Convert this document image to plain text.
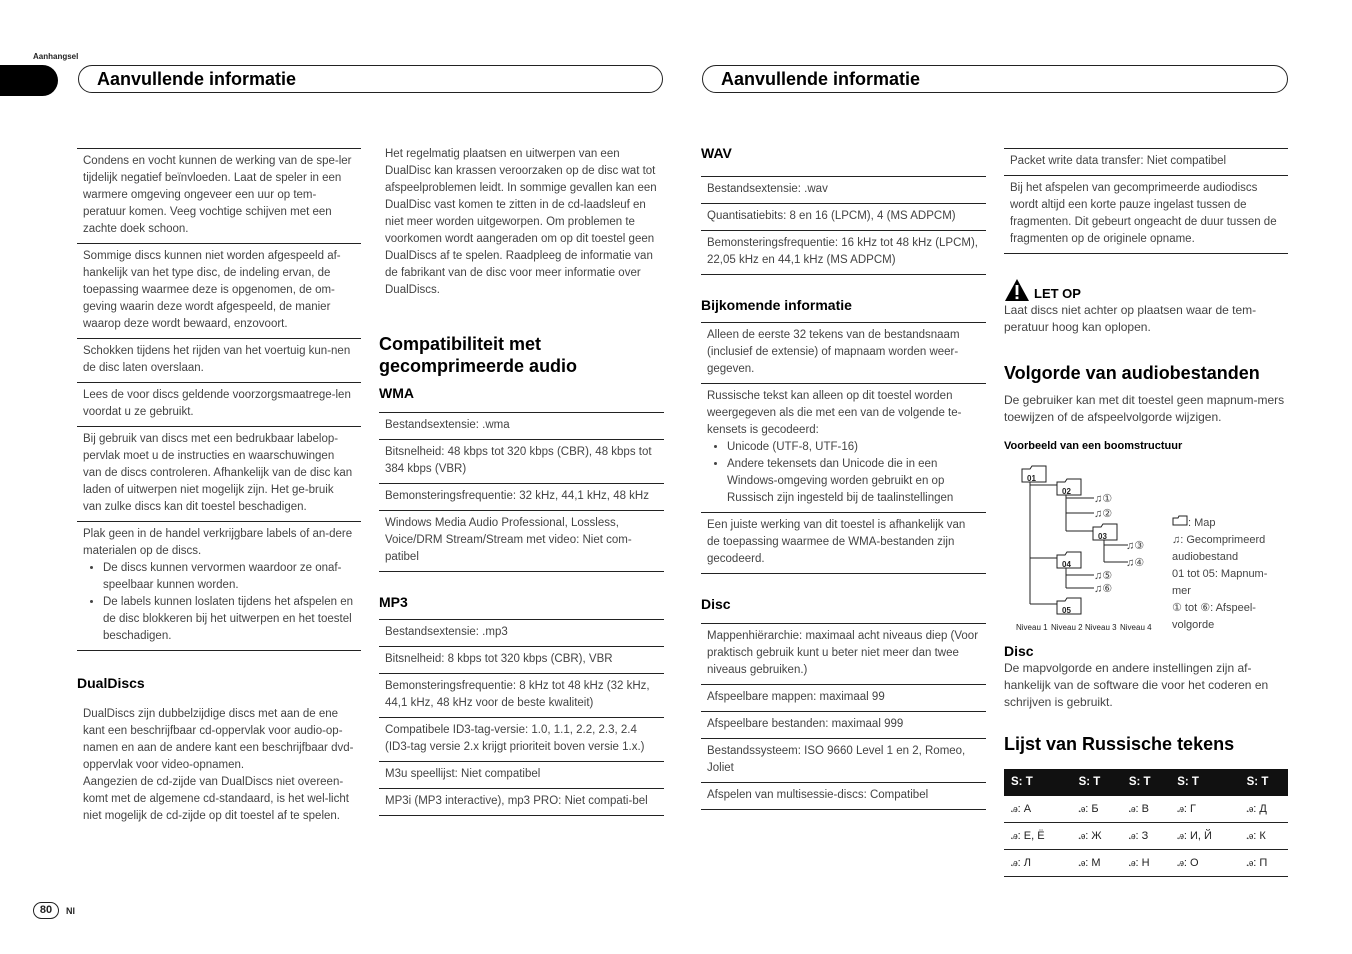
Aanhangsel
Aanvullende informatie	Aanvullende informatie
Condens en vocht kunnen de werking van de spe-ler tijdelijk negatief beïnvloeden. Laat de speler in een warmere omgeving ongeveer een uur op tem-peratuur komen. Veeg vochtige schijven met een zachte doek schoon.
Sommige discs kunnen niet worden afgespeeld af-hankelijk van het type disc, de indeling ervan, de toepassing waarmee deze is opgenomen, de om-geving waarin deze wordt afgespeeld, de manier waarop deze wordt bewaard, enzovoort.
Schokken tijdens het rijden van het voertuig kun-nen de disc laten overslaan.
Lees de voor discs geldende voorzorgsmaatrege-len voordat u ze gebruikt.
Bij gebruik van discs met een bedrukbaar labelop-pervlak moet u de instructies en waarschuwingen van de discs controleren. Afhankelijk van de disc kan laden of uitwerpen niet mogelijk zijn. Het ge-bruik van zulke discs kan dit toestel beschadigen.
Plak geen in de handel verkrijgbare labels of an-dere materialen op de discs.
• De discs kunnen vervormen waardoor ze onaf-speelbaar kunnen worden.
• De labels kunnen loslaten tijdens het afspelen en de disc blokkeren bij het uitwerpen en het toestel beschadigen.
DualDiscs
DualDiscs zijn dubbelzijdige discs met aan de ene kant een beschrijfbaar cd-oppervlak voor audio-op-namen en aan de andere kant een beschrijfbaar dvd-oppervlak voor video-opnamen.
Aangezien de cd-zijde van DualDiscs niet overeen-komt met de algemene cd-standaard, is het wel-licht niet mogelijk de cd-zijde op dit toestel af te spelen.
Het regelmatig plaatsen en uitwerpen van een DualDisc kan krassen veroorzaken op de disc wat tot afspeelproblemen leidt. In sommige gevallen kan een DualDisc vast komen te zitten in de cd-laadsleuf en niet meer worden uitgeworpen. Om problemen te voorkomen wordt aangeraden om op dit toestel geen DualDiscs af te spelen. Raadpleeg de informatie van de fabrikant van de disc voor meer informatie over DualDiscs.
Compatibiliteit met gecomprimeerde audio
WMA
Bestandsextensie: .wma
Bitsnelheid: 48 kbps tot 320 kbps (CBR), 48 kbps tot 384 kbps (VBR)
Bemonsteringsfrequentie: 32 kHz, 44,1 kHz, 48 kHz
Windows Media Audio Professional, Lossless, Voice/DRM Stream/Stream met video: Niet com-patibel
MP3
Bestandsextensie: .mp3
Bitsnelheid: 8 kbps tot 320 kbps (CBR), VBR
Bemonsteringsfrequentie: 8 kHz tot 48 kHz (32 kHz, 44,1 kHz, 48 kHz voor de beste kwaliteit)
Compatibele ID3-tag-versie: 1.0, 1.1, 2.2, 2.3, 2.4 (ID3-tag versie 2.x krijgt prioriteit boven versie 1.x.)
M3u speellijst: Niet compatibel
MP3i (MP3 interactive), mp3 PRO: Niet compati-bel
WAV
Bestandsextensie: .wav
Quantisatiebits: 8 en 16 (LPCM), 4 (MS ADPCM)
Bemonsteringsfrequentie: 16 kHz tot 48 kHz (LPCM), 22,05 kHz en 44,1 kHz (MS ADPCM)
Bijkomende informatie
Alleen de eerste 32 tekens van de bestandsnaam (inclusief de extensie) of mapnaam worden weer-gegeven.
Russische tekst kan alleen op dit toestel worden weergegeven als die met een van de volgende te-kensets is gecodeerd:
• Unicode (UTF-8, UTF-16)
• Andere tekensets dan Unicode die in een Windows-omgeving worden gebruikt en op Russisch zijn ingesteld bij de taalinstellingen
Een juiste werking van dit toestel is afhankelijk van de toepassing waarmee de WMA-bestanden zijn gecodeerd.
Disc
Mappenhiërarchie: maximaal acht niveaus diep (Voor praktisch gebruik kunt u beter niet meer dan twee niveaus gebruiken.)
Afspeelbare mappen: maximaal 99
Afspeelbare bestanden: maximaal 999
Bestandssysteem: ISO 9660 Level 1 en 2, Romeo, Joliet
Afspelen van multisessie-discs: Compatibel
Packet write data transfer: Niet compatibel
Bij het afspelen van gecomprimeerde audiodiscs wordt altijd een korte pauze ingelast tussen de fragmenten. Dit gebeurt ongeacht de duur tussen de fragmenten op de originele opname.
LET OP
Laat discs niet achter op plaatsen waar de tem-peratuur hoog kan oplopen.
Volgorde van audiobestanden
De gebruiker kan met dit toestel geen mapnum-mers toewijzen of de afspeelvolgorde wijzigen.
Voorbeeld van een boomstructuur
01
02
03
04
05
♫①
♫②
♫③
♫④
♫⑤
♫⑥
Niveau 1 Niveau 2 Niveau 3 Niveau 4
: Map
♫: Gecomprimeerd audiobestand
01 tot 05: Mapnum-mer
① tot ⑥: Afspeel-volgorde
Disc
De mapvolgorde en andere instellingen zijn af-hankelijk van de software die voor het coderen en schrijven is gebruikt.
Lijst van Russische tekens
S: T	S: T	S: T	S: T	S: T
ꭿ: A	ꭿ: Б	ꭿ: В	ꭿ: Г	ꭿ: Д
ꭿ: Е, Ё	ꭿ: Ж	ꭿ: З	ꭿ: И, Й	ꭿ: К
ꭿ: Л	ꭿ: М	ꭿ: Н	ꭿ: О	ꭿ: П
80	Nl
